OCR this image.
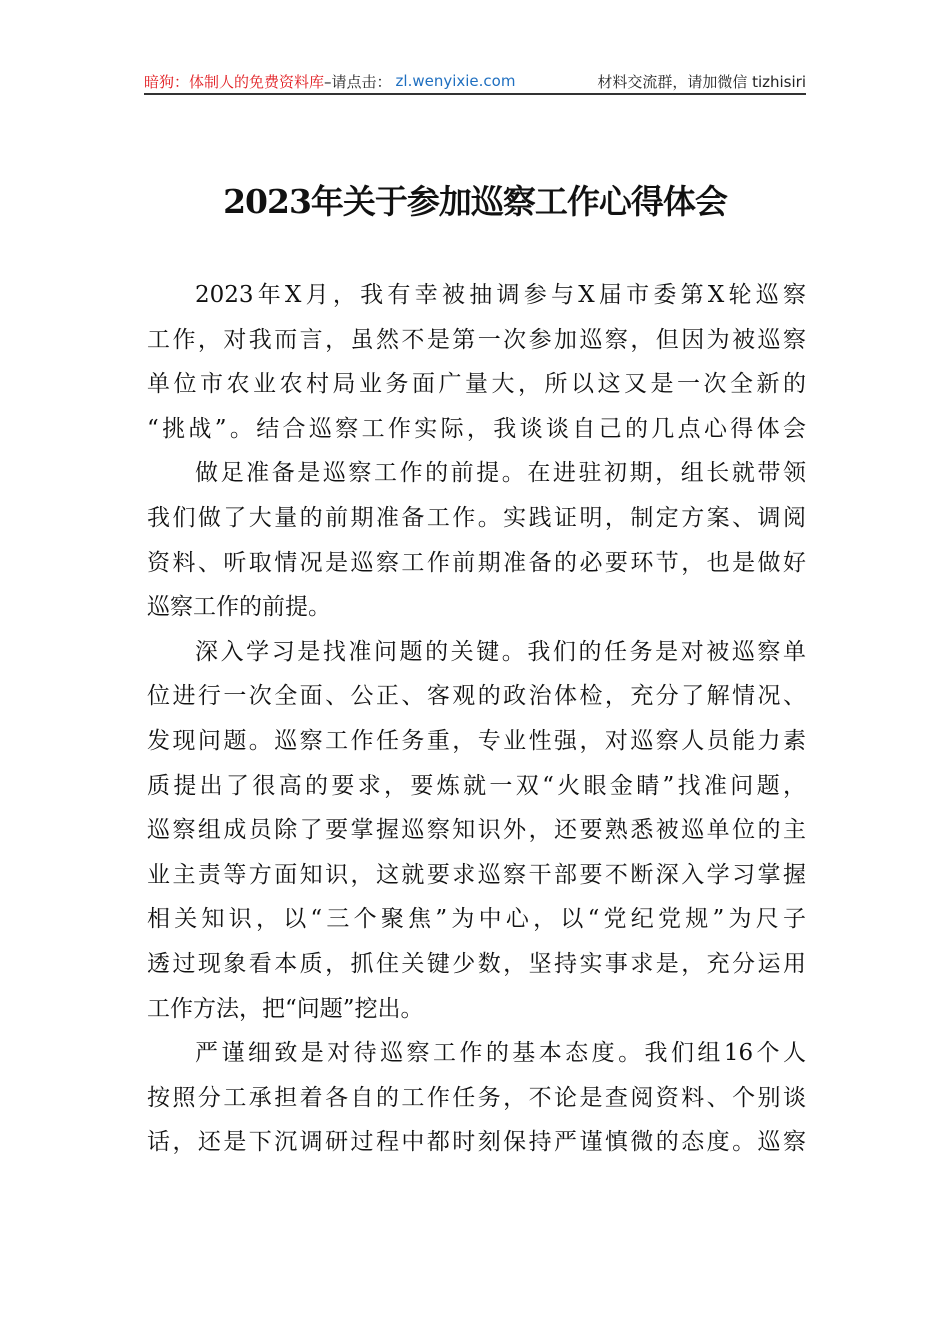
暗狗：体制人的免费资料库 –请点击： zl.wenyixie.com	材料交流群，请加微信 tizhisiri
2023年关于参加巡察工作心得体会
2023年X月，我有幸被抽调参与X届市委第X轮巡察
工作，对我而言，虽然不是第一次参加巡察，但因为被巡察
单位市农业农村局业务面广量大，所以这又是一次全新的
“挑战”。结合巡察工作实际，我谈谈自己的几点心得体会
做足准备是巡察工作的前提。在进驻初期，组长就带领
我们做了大量的前期准备工作。实践证明，制定方案、调阅
资料、听取情况是巡察工作前期准备的必要环节，也是做好
巡察工作的前提。
深入学习是找准问题的关键。我们的任务是对被巡察单
位进行一次全面、公正、客观的政治体检，充分了解情况、
发现问题。巡察工作任务重，专业性强，对巡察人员能力素
质提出了很高的要求，要炼就一双“火眼金睛”找准问题，
巡察组成员除了要掌握巡察知识外，还要熟悉被巡单位的主
业主责等方面知识，这就要求巡察干部要不断深入学习掌握
相关知识，以“三个聚焦”为中心，以“党纪党规”为尺子
透过现象看本质，抓住关键少数，坚持实事求是，充分运用
工作方法，把“问题”挖出。
严谨细致是对待巡察工作的基本态度。我们组16个人
按照分工承担着各自的工作任务，不论是查阅资料、个别谈
话，还是下沉调研过程中都时刻保持严谨慎微的态度。巡察
